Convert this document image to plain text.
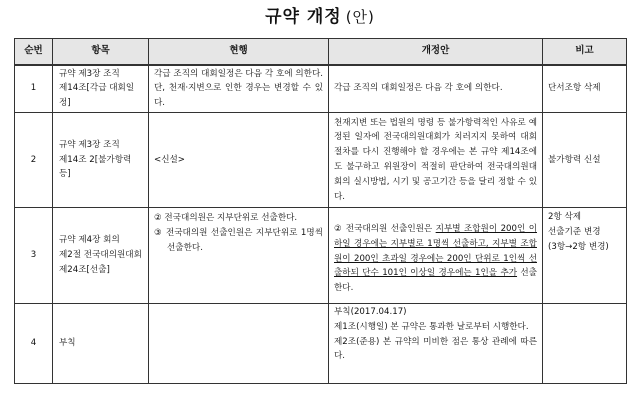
규약 개정 (안)
순번	항목	현행	개정안	비고
1	규약 제3장 조직
제14조[각급 대회일정]	각급 조직의 대회일정은 다음 각 호에 의한다. 단, 천재·지변으로 인한 경우는 변경할 수 있다.	각급 조직의 대회일정은 다음 각 호에 의한다.	단서조항 삭제
2	규약 제3장 조직
제14조 2[불가항력 등]	<신설>	천재지변 또는 법원의 명령 등 불가항력적인 사유로 예정된 일자에 전국대의원대회가 치러지지 못하여 대회절차를 다시 진행해야 할 경우에는 본 규약 제14조에도 불구하고 위원장이 적절히 판단하여 전국대의원대회의 실시방법, 시기 및 공고기간 등을 달리 정할 수 있다.	불가항력 신설
3	규약 제4장 회의
제2절 전국대의원대회
제24조[선출]	② 전국대의원은 지부단위로 선출한다.
③ 전국대의원 선출인원은 지부단위로 1명씩 선출한다.	② 전국대의원 선출인원은 지부별 조합원이 200인 이하일 경우에는 지부별로 1명씩 선출하고, 지부별 조합원이 200인 초과일 경우에는 200인 단위로 1인씩 선출하되 단수 101인 이상일 경우에는 1인을 추가 선출한다.	2항 삭제
선출기준 변경
(3항→2항 변경)

4	부칙		부칙(2017.04.17)
제1조(시행일) 본 규약은 통과한 날로부터 시행한다.
제2조(준용) 본 규약의 미비한 점은 통상 관례에 따른다.	
